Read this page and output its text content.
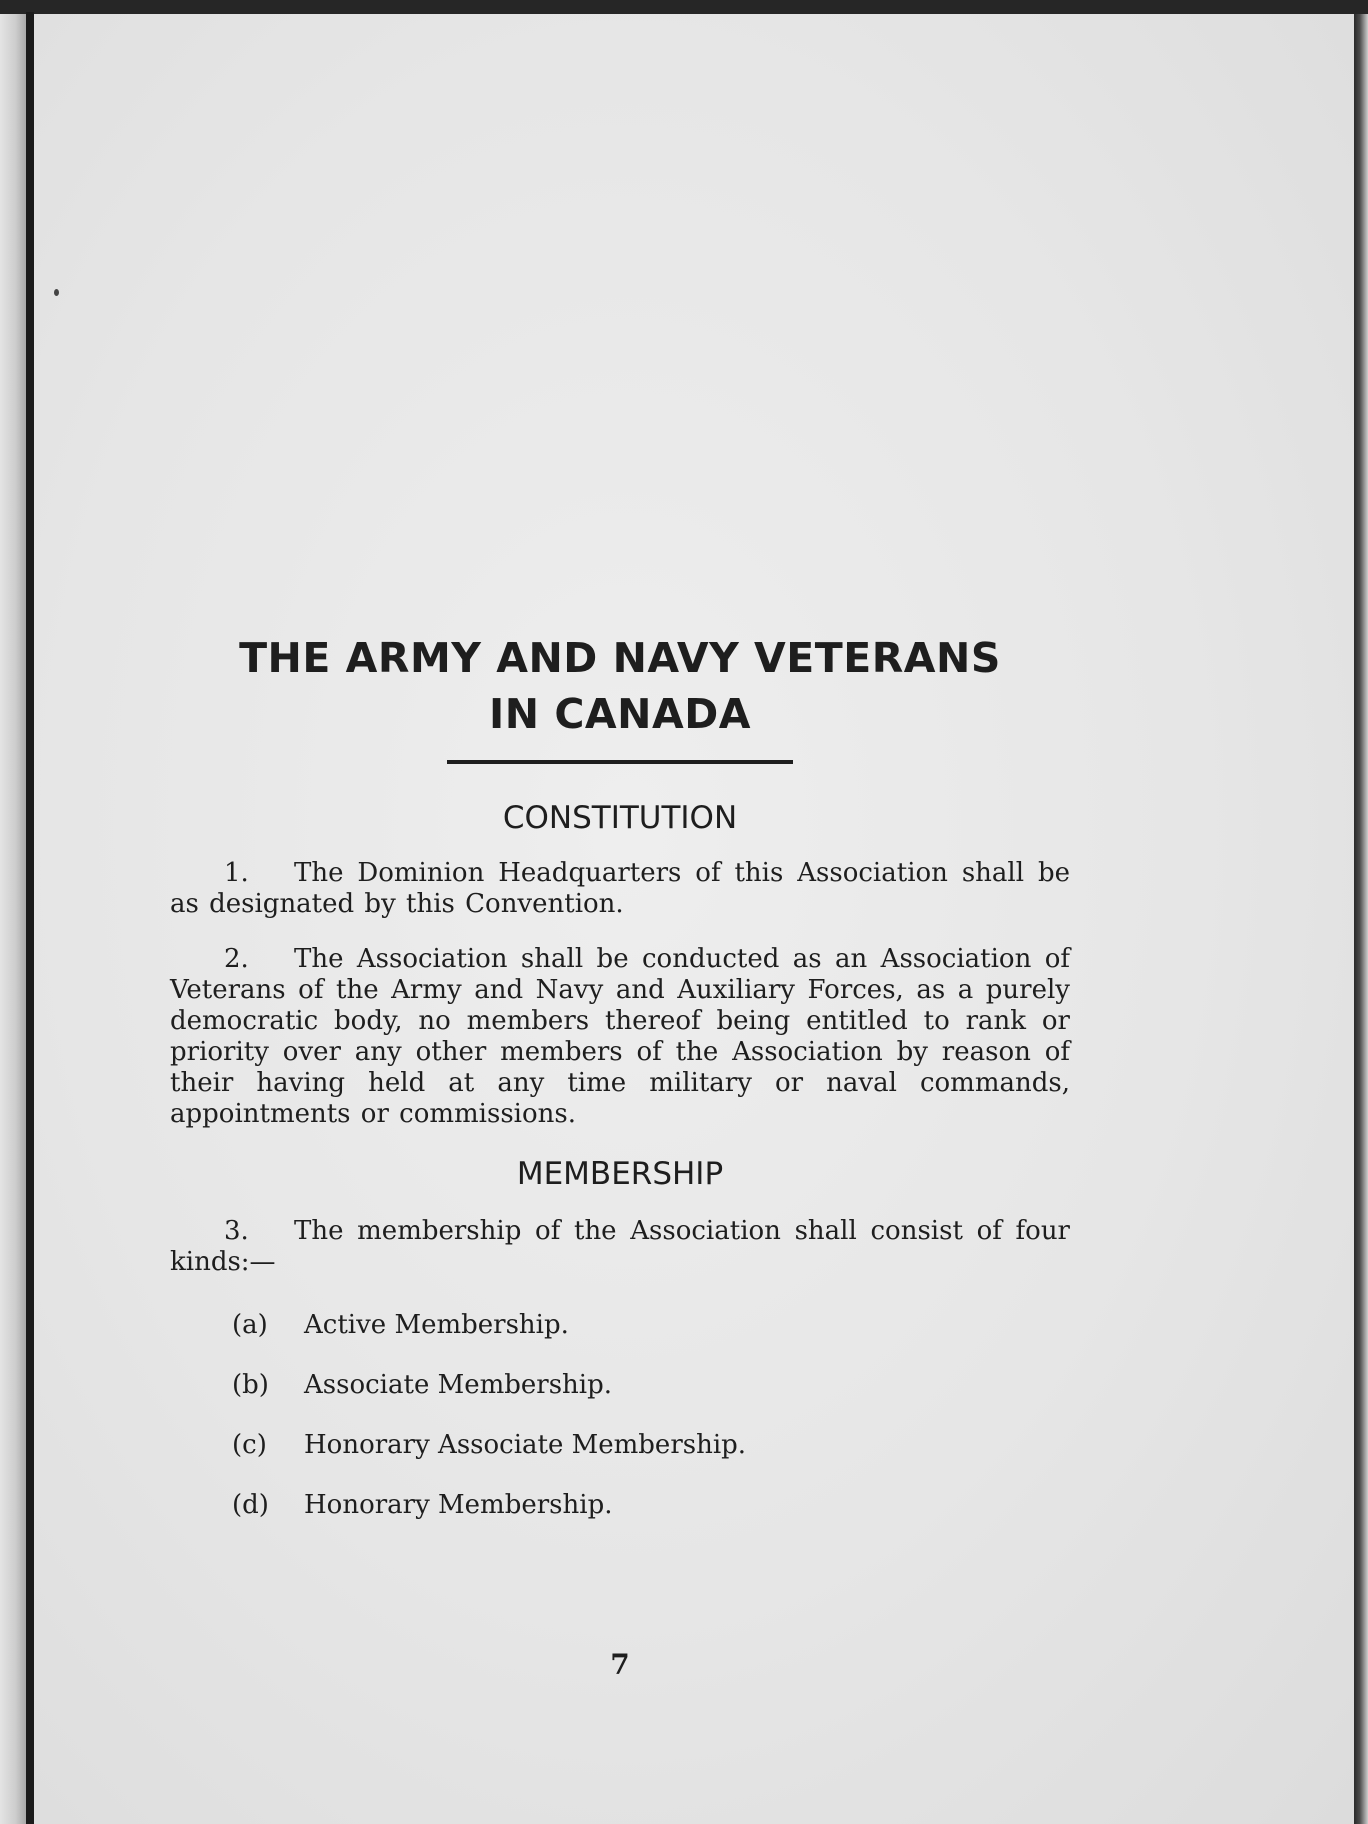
THE ARMY AND NAVY VETERANS

IN CANADA

CONSTITUTION

1. The Dominion Headquarters of this Association shall be as designated by this Convention.

2. The Association shall be conducted as an Association of Veterans of the Army and Navy and Auxiliary Forces, as a purely democratic body, no members thereof being entitled to rank or priority over any other members of the Association by reason of their having held at any time military or naval commands, appointments or commissions.

MEMBERSHIP

3. The membership of the Association shall consist of four kinds:—

(a)	Active Membership.
(b)	Associate Membership.
(c)	Honorary Associate Membership.
(d)	Honorary Membership.
7
